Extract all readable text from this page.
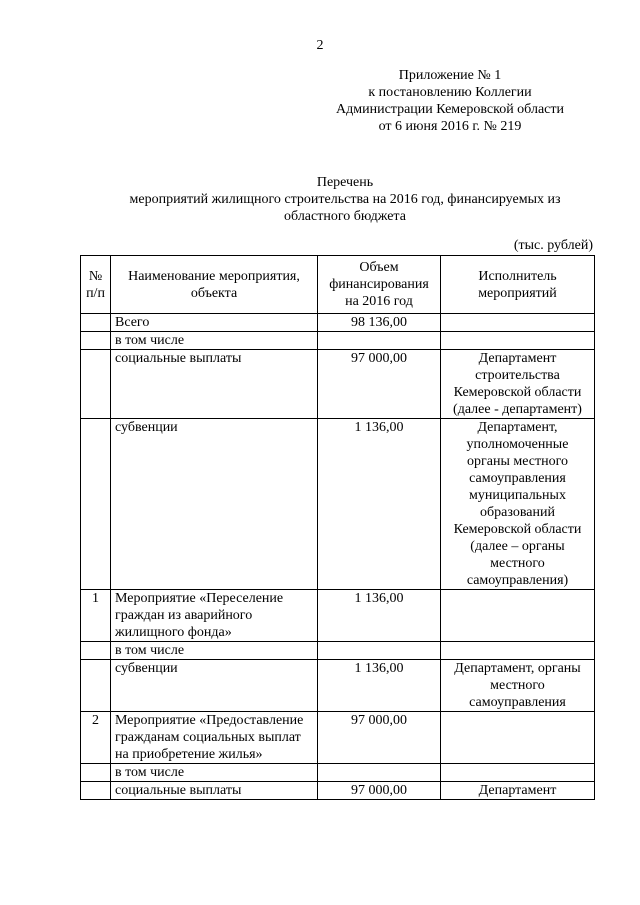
2
Приложение № 1
к постановлению Коллегии
Администрации Кемеровской области
от 6 июня 2016 г. № 219
Перечень
мероприятий жилищного строительства на 2016 год, финансируемых из
областного бюджета
(тыс. рублей)
№ п/п	Наименование мероприятия, объекта	Объем финансирования на 2016 год	Исполнитель мероприятий
	Всего	98 136,00	
	в том числе		
	социальные выплаты	97 000,00	Департамент строительства Кемеровской области (далее - департамент)
	субвенции	1 136,00	Департамент, уполномоченные органы местного самоуправления муниципальных образований Кемеровской области (далее – органы местного самоуправления)
1	Мероприятие «Переселение граждан из аварийного жилищного фонда»	1 136,00	
	в том числе		
	субвенции	1 136,00	Департамент, органы местного самоуправления
2	Мероприятие «Предоставление гражданам социальных выплат на приобретение жилья»	97 000,00	
	в том числе		
	социальные выплаты	97 000,00	Департамент
